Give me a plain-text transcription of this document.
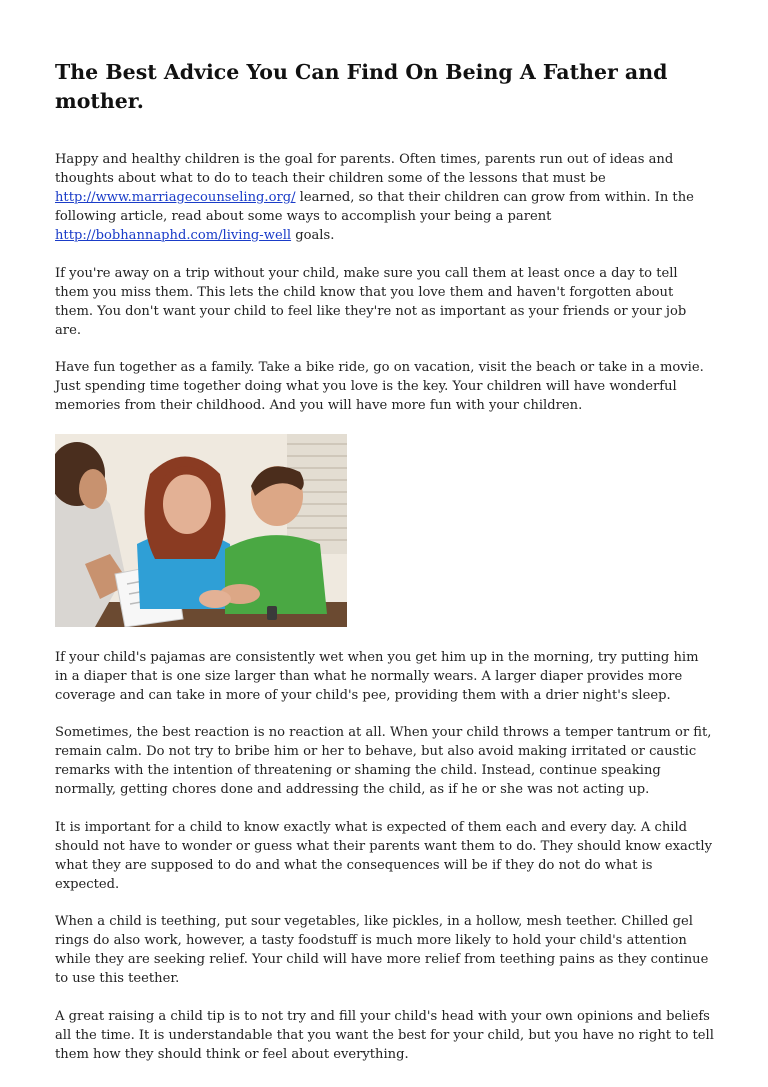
The Best Advice You Can Find On Being A Father and mother.

Happy and healthy children is the goal for parents. Often times, parents run out of ideas and thoughts about what to do to teach their children some of the lessons that must be http://www.marriagecounseling.org/ learned, so that their children can grow from within. In the following article, read about some ways to accomplish your being a parent http://bobhannaphd.com/living-well goals.

If you're away on a trip without your child, make sure you call them at least once a day to tell them you miss them. This lets the child know that you love them and haven't forgotten about them. You don't want your child to feel like they're not as important as your friends or your job are.

Have fun together as a family. Take a bike ride, go on vacation, visit the beach or take in a movie. Just spending time together doing what you love is the key. Your children will have wonderful memories from their childhood. And you will have more fun with your children.

If your child's pajamas are consistently wet when you get him up in the morning, try putting him in a diaper that is one size larger than what he normally wears. A larger diaper provides more coverage and can take in more of your child's pee, providing them with a drier night's sleep.

Sometimes, the best reaction is no reaction at all. When your child throws a temper tantrum or fit, remain calm. Do not try to bribe him or her to behave, but also avoid making irritated or caustic remarks with the intention of threatening or shaming the child. Instead, continue speaking normally, getting chores done and addressing the child, as if he or she was not acting up.

It is important for a child to know exactly what is expected of them each and every day. A child should not have to wonder or guess what their parents want them to do. They should know exactly what they are supposed to do and what the consequences will be if they do not do what is expected.

When a child is teething, put sour vegetables, like pickles, in a hollow, mesh teether. Chilled gel rings do also work, however, a tasty foodstuff is much more likely to hold your child's attention while they are seeking relief. Your child will have more relief from teething pains as they continue to use this teether.

A great raising a child tip is to not try and fill your child's head with your own opinions and beliefs all the time. It is understandable that you want the best for your child, but you have no right to tell them how they should think or feel about everything.
